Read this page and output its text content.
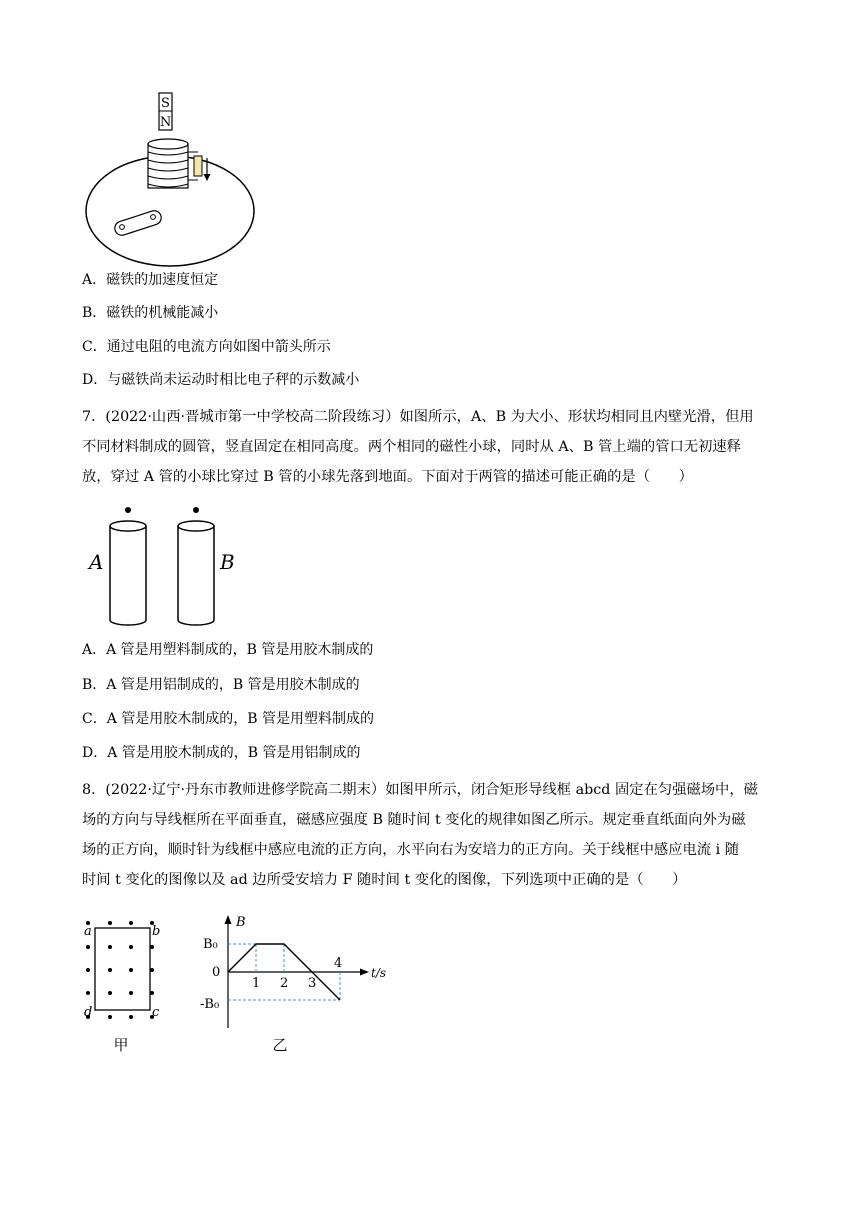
S
N
A．磁铁的加速度恒定
B．磁铁的机械能减小
C．通过电阻的电流方向如图中箭头所示
D．与磁铁尚未运动时相比电子秤的示数减小
7．(2022·山西·晋城市第一中学校高二阶段练习）如图所示，A、B 为大小、形状均相同且内壁光滑，但用
不同材料制成的圆管，竖直固定在相同高度。两个相同的磁性小球，同时从 A、B 管上端的管口无初速释
放，穿过 A 管的小球比穿过 B 管的小球先落到地面。下面对于两管的描述可能正确的是（　　）
A	B
A．A 管是用塑料制成的，B 管是用胶木制成的
B．A 管是用铝制成的，B 管是用胶木制成的
C．A 管是用胶木制成的，B 管是用塑料制成的
D．A 管是用胶木制成的，B 管是用铝制成的
8．(2022·辽宁·丹东市教师进修学院高二期末）如图甲所示，闭合矩形导线框 abcd 固定在匀强磁场中，磁
场的方向与导线框所在平面垂直，磁感应强度 B 随时间 t 变化的规律如图乙所示。规定垂直纸面向外为磁
场的正方向，顺时针为线框中感应电流的正方向，水平向右为安培力的正方向。关于线框中感应电流 i 随
时间 t 变化的图像以及 ad 边所受安培力 F 随时间 t 变化的图像，下列选项中正确的是（　　）
a	b
c
d
甲
B
t/s
0
B₀
-B₀
1 2 3
4
乙
